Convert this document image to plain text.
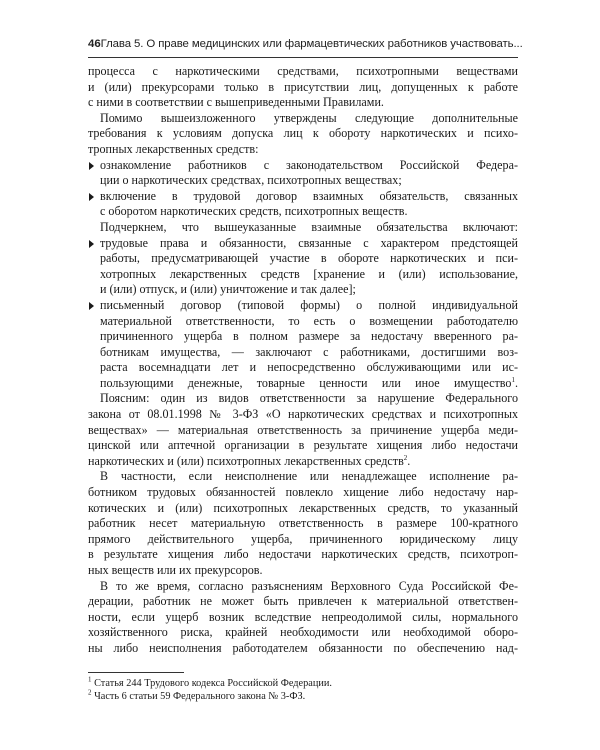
46 Глава 5. О праве медицинских или фармацевтических работников участвовать...
процесса с наркотическими средствами, психотропными веществами
и (или) прекурсорами только в присутствии лиц, допущенных к работе
с ними в соответствии с вышеприведенными Правилами.
Помимо вышеизложенного утверждены следующие дополнительные
требования к условиям допуска лиц к обороту наркотических и психо-
тропных лекарственных средств:
ознакомление работников с законодательством Российской Федера-
ции о наркотических средствах, психотропных веществах;
включение в трудовой договор взаимных обязательств, связанных
с оборотом наркотических средств, психотропных веществ.
Подчеркнем, что вышеуказанные взаимные обязательства включают:
трудовые права и обязанности, связанные с характером предстоящей
работы, предусматривающей участие в обороте наркотических и пси-
хотропных лекарственных средств [хранение и (или) использование,
и (или) отпуск, и (или) уничтожение и так далее];
письменный договор (типовой формы) о полной индивидуальной
материальной ответственности, то есть о возмещении работодателю
причиненного ущерба в полном размере за недостачу вверенного ра-
ботникам имущества, — заключают с работниками, достигшими воз-
раста восемнадцати лет и непосредственно обслуживающими или ис-
пользующими денежные, товарные ценности или иное имущество$^1$.
Поясним: один из видов ответственности за нарушение Федерального
закона от 08.01.1998 № 3-ФЗ «О наркотических средствах и психотропных
веществах» — материальная ответственность за причинение ущерба меди-
цинской или аптечной организации в результате хищения либо недостачи
наркотических и (или) психотропных лекарственных средств$^2$.
В частности, если неисполнение или ненадлежащее исполнение ра-
ботником трудовых обязанностей повлекло хищение либо недостачу нар-
котических и (или) психотропных лекарственных средств, то указанный
работник несет материальную ответственность в размере 100-кратного
прямого действительного ущерба, причиненного юридическому лицу
в результате хищения либо недостачи наркотических средств, психотроп-
ных веществ или их прекурсоров.
В то же время, согласно разъяснениям Верховного Суда Российской Фе-
дерации, работник не может быть привлечен к материальной ответствен-
ности, если ущерб возник вследствие непреодолимой силы, нормального
хозяйственного риска, крайней необходимости или необходимой оборо-
ны либо неисполнения работодателем обязанности по обеспечению над-
$^1$ Статья 244 Трудового кодекса Российской Федерации.
$^2$ Часть 6 статьи 59 Федерального закона № 3-ФЗ.
